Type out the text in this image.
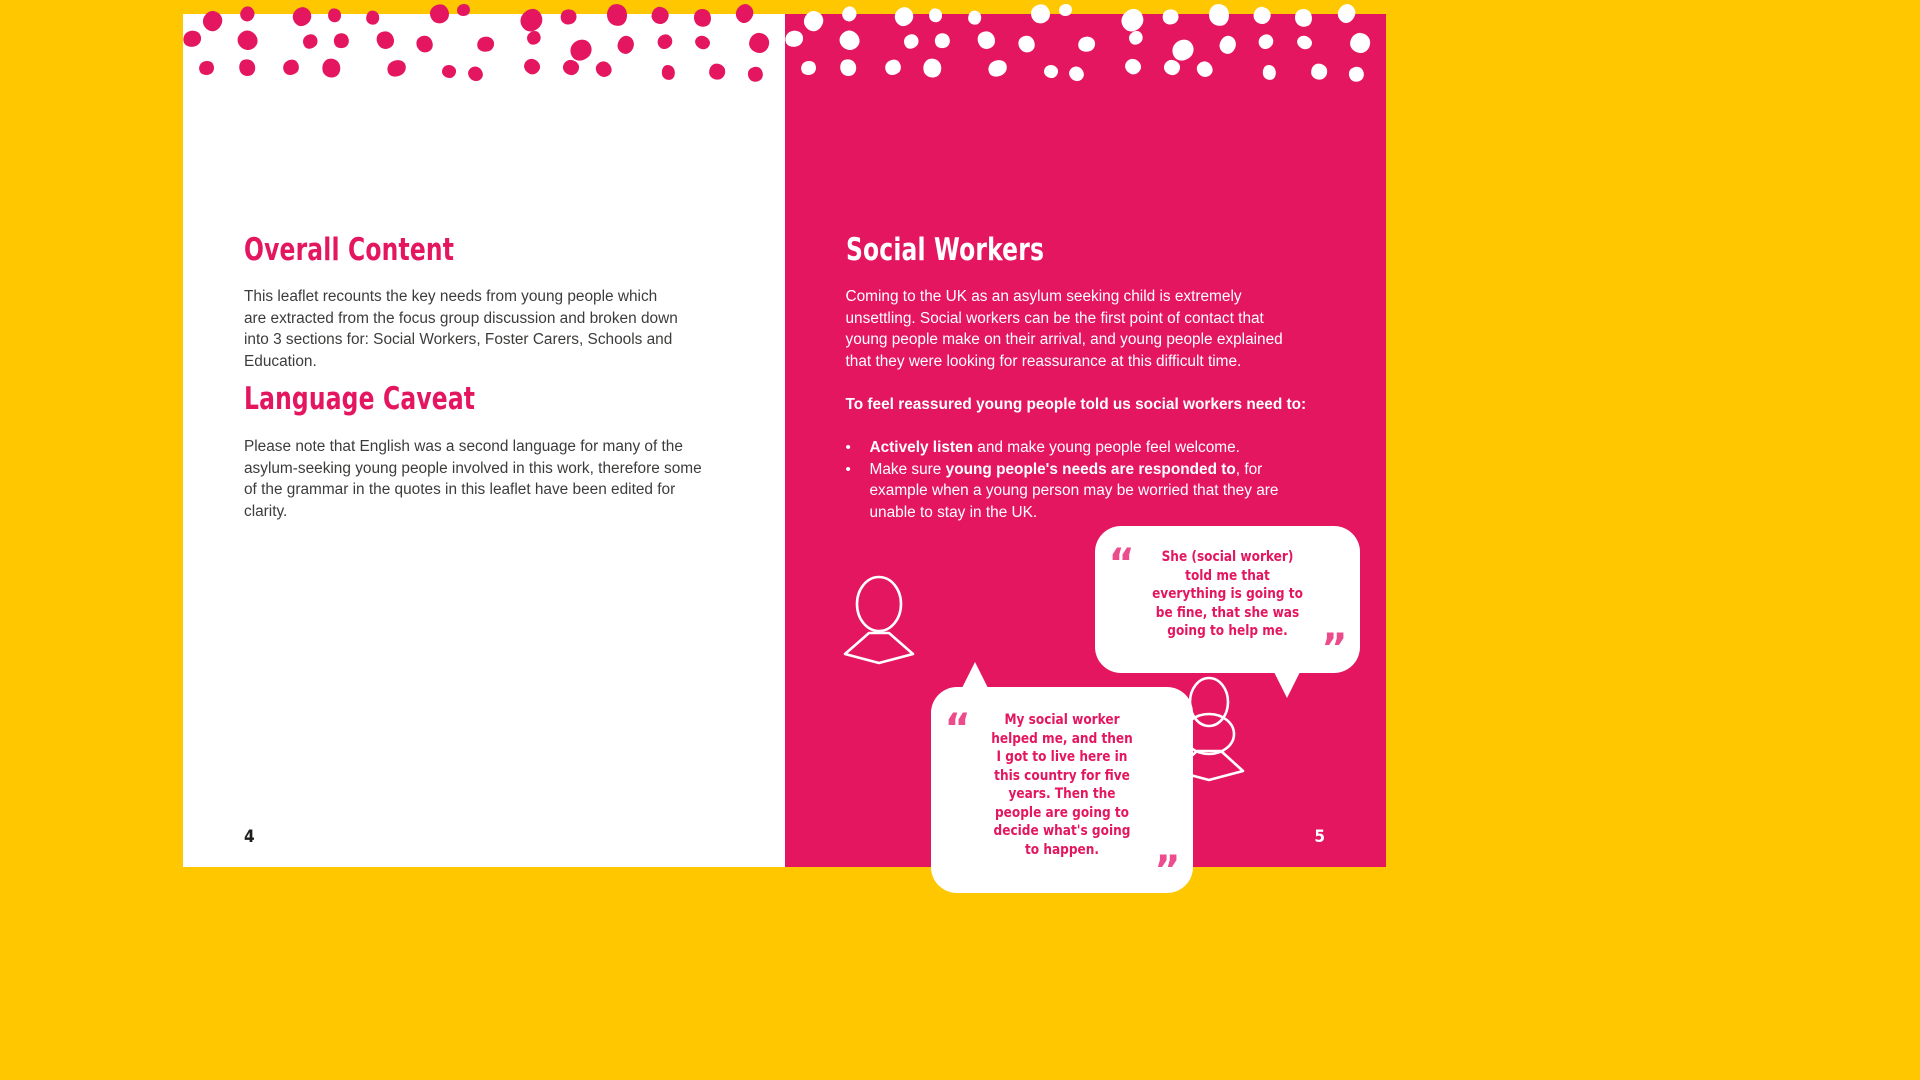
Overall Content

This leaflet recounts the key needs from young people which are extracted from the focus group discussion and broken down into 3 sections for: Social Workers, Foster Carers, Schools and Education.

Language Caveat

Please note that English was a second language for many of the asylum-seeking young people involved in this work, therefore some of the grammar in the quotes in this leaflet have been edited for clarity.

4
Social Workers

Coming to the UK as an asylum seeking child is extremely unsettling. Social workers can be the first point of contact that young people make on their arrival, and young people explained that they were looking for reassurance at this difficult time.

To feel reassured young people told us social workers need to:

• Actively listen and make young people feel welcome.
• Make sure young people's needs are responded to, for example when a young person may be worried that they are unable to stay in the UK.
“	She (social worker) told me that everything is going to be fine, that she was going to help me. ”
“	My social worker helped me, and then I got to live here in this country for five years. Then the people are going to decide what's going to happen.	”
5
